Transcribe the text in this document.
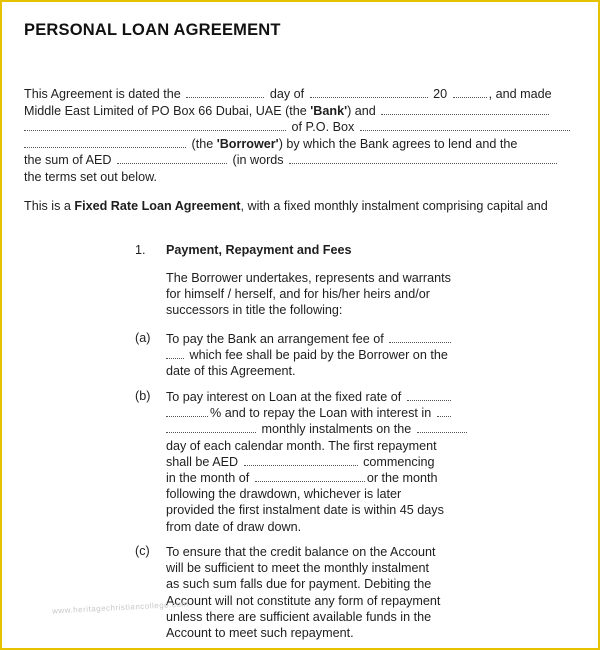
PERSONAL LOAN AGREEMENT
This Agreement is dated the	day of	20	, and made
Middle East Limited of PO Box 66 Dubai, UAE (the 'Bank') and
of P.O. Box
(the 'Borrower') by which the Bank agrees to lend and the
the sum of AED	(in words
the terms set out below.
This is a Fixed Rate Loan Agreement, with a fixed monthly instalment comprising capital and
1. Payment, Repayment and Fees
The Borrower undertakes, represents and warrants
for himself / herself, and for his/her heirs and/or
successors in title the following:
(a) To pay the Bank an arrangement fee of
which fee shall be paid by the Borrower on the
date of this Agreement.
(b) To pay interest on Loan at the fixed rate of
% and to repay the Loan with interest in
monthly instalments on the
day of each calendar month. The first repayment
shall be AED	commencing
in the month of	or the month
following the drawdown, whichever is later
provided the first instalment date is within 45 days
from date of draw down.
(c) To ensure that the credit balance on the Account
will be sufficient to meet the monthly instalment
as such sum falls due for payment. Debiting the
Account will not constitute any form of repayment
unless there are sufficient available funds in the
Account to meet such repayment.
www.heritagechristiancollege.com
